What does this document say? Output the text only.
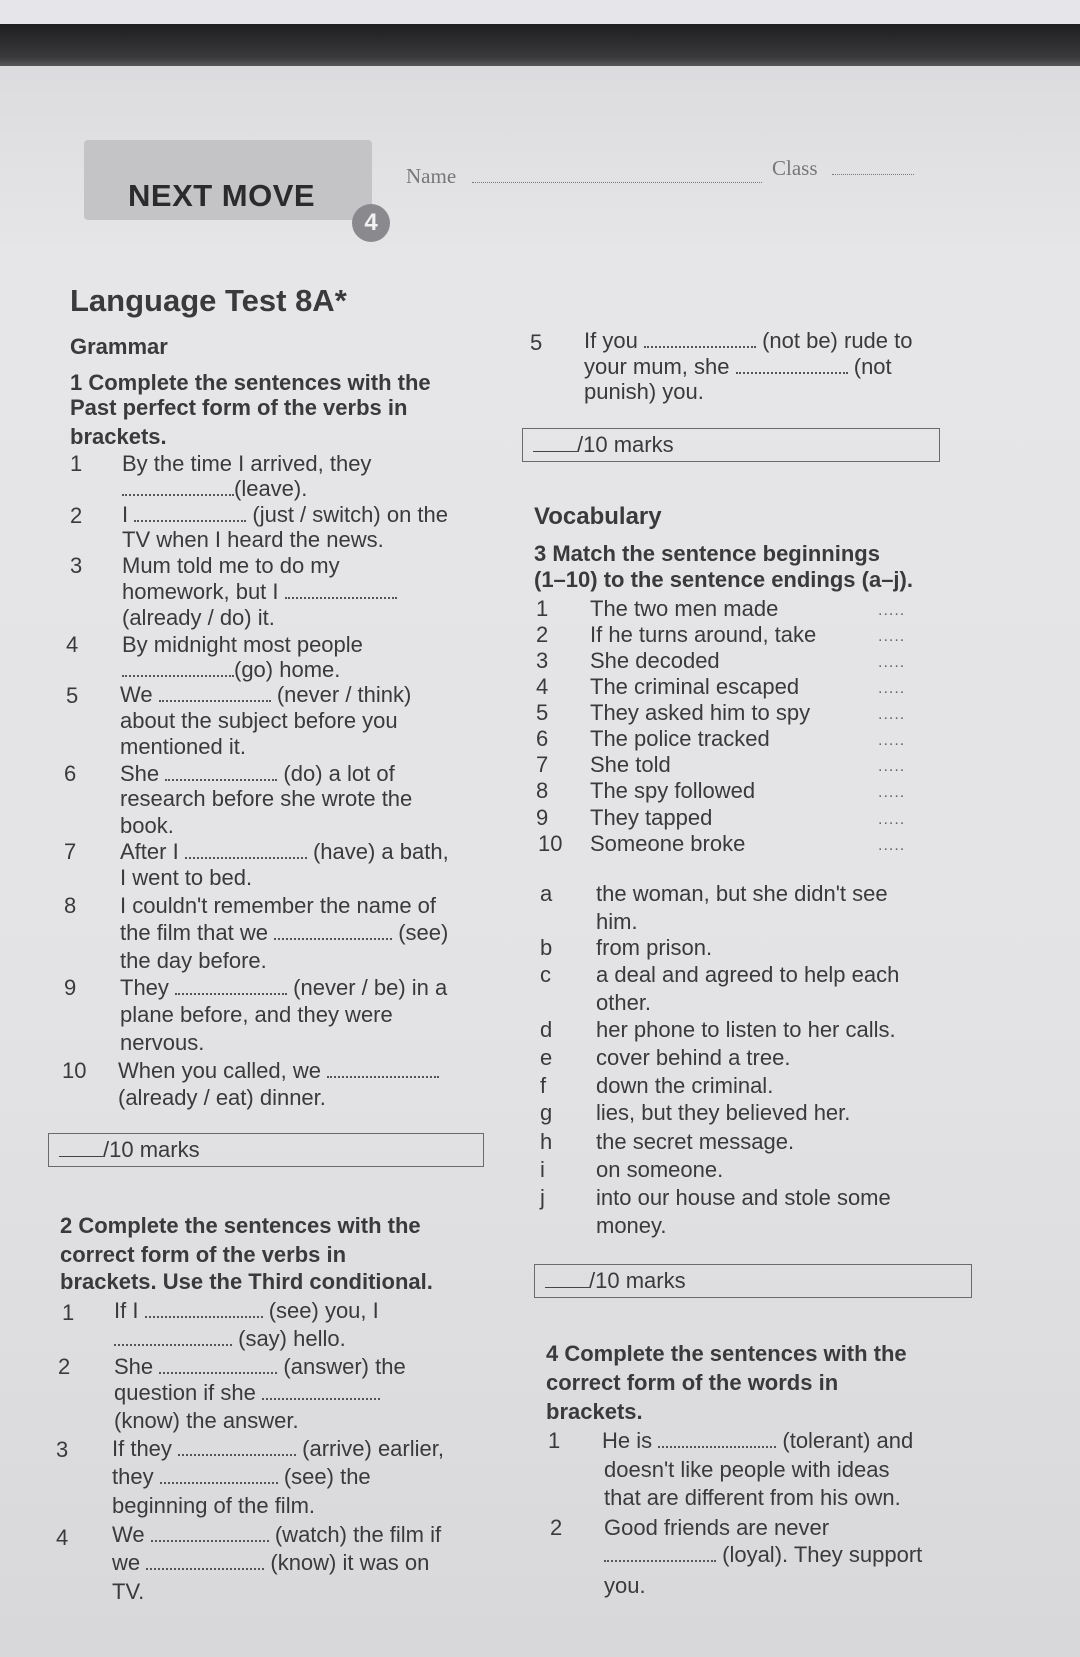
NEXT MOVE
4
Name	Class
Language Test 8A*
Grammar
1 Complete the sentences with the
Past perfect form of the verbs in
brackets.
1 By the time I arrived, they
(leave).
2 I	(just / switch) on the
TV when I heard the news.
3 Mum told me to do my
homework, but I
(already / do) it.
4 By midnight most people
(go) home.
5 We	(never / think)
about the subject before you
mentioned it.
6 She	(do) a lot of
research before she wrote the
book.
7 After I	(have) a bath,
I went to bed.
8 I couldn't remember the name of
the film that we	(see)
the day before.
9 They	(never / be) in a
plane before, and they were
nervous.
10 When you called, we
(already / eat) dinner.
/10 marks
2 Complete the sentences with the
correct form of the verbs in
brackets. Use the Third conditional.
1 If I	(see) you, I
(say) hello.
2 She	(answer) the
question if she
(know) the answer.
3 If they	(arrive) earlier,
they	(see) the
beginning of the film.
4 We	(watch) the film if
we	(know) it was on
TV.
5 If you	(not be) rude to
your mum, she	(not
punish) you.
/10 marks
Vocabulary
3 Match the sentence beginnings
(1–10) to the sentence endings (a–j).
1 The two men made	.....
2 If he turns around, take	.....
3 She decoded	.....
4 The criminal escaped	.....
5 They asked him to spy	.....
6 The police tracked	.....
7 She told	.....
8 The spy followed	.....
9 They tapped	.....
10 Someone broke	.....
a the woman, but she didn't see
him.
b from prison.
c a deal and agreed to help each
other.
d her phone to listen to her calls.
e cover behind a tree.
f down the criminal.
g lies, but they believed her.
h the secret message.
i on someone.
j into our house and stole some
money.
/10 marks
4 Complete the sentences with the
correct form of the words in
brackets.
1 He is	(tolerant) and
doesn't like people with ideas
that are different from his own.
2 Good friends are never
(loyal). They support
you.
